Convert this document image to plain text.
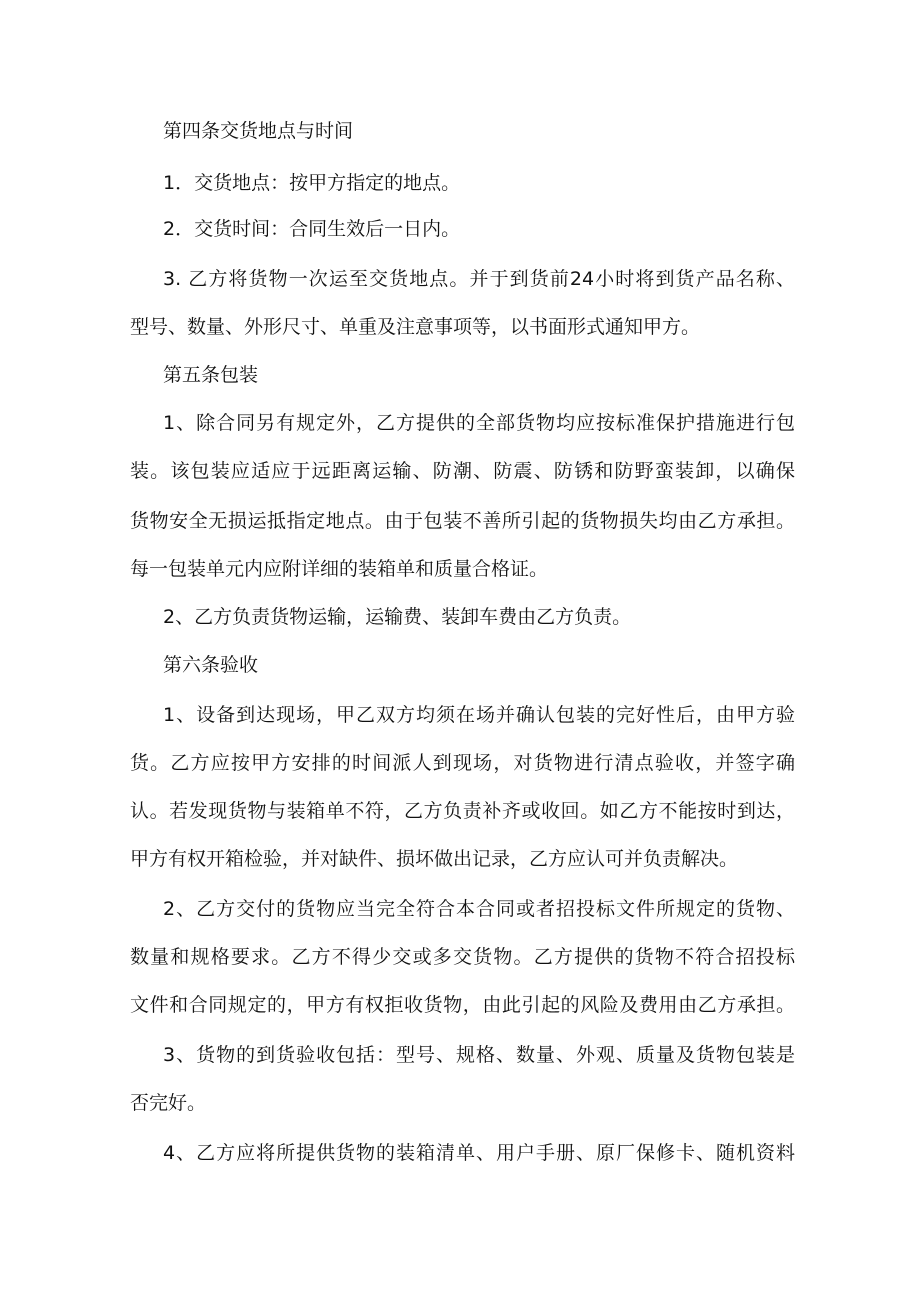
第四条交货地点与时间

1．交货地点：按甲方指定的地点。

2．交货时间：合同生效后一日内。

3. 乙方将货物一次运至交货地点。并于到货前24小时将到货产品名称、

型号、数量、外形尺寸、单重及注意事项等，以书面形式通知甲方。

第五条包装

1、除合同另有规定外，乙方提供的全部货物均应按标准保护措施进行包

装。该包装应适应于远距离运输、防潮、防震、防锈和防野蛮装卸，以确保

货物安全无损运抵指定地点。由于包装不善所引起的货物损失均由乙方承担。

每一包装单元内应附详细的装箱单和质量合格证。

2、乙方负责货物运输，运输费、装卸车费由乙方负责。

第六条验收

1、设备到达现场，甲乙双方均须在场并确认包装的完好性后，由甲方验

货。乙方应按甲方安排的时间派人到现场，对货物进行清点验收，并签字确

认。若发现货物与装箱单不符，乙方负责补齐或收回。如乙方不能按时到达，

甲方有权开箱检验，并对缺件、损坏做出记录，乙方应认可并负责解决。

2、乙方交付的货物应当完全符合本合同或者招投标文件所规定的货物、

数量和规格要求。乙方不得少交或多交货物。乙方提供的货物不符合招投标

文件和合同规定的，甲方有权拒收货物，由此引起的风险及费用由乙方承担。

3、货物的到货验收包括：型号、规格、数量、外观、质量及货物包装是

否完好。

4、乙方应将所提供货物的装箱清单、用户手册、原厂保修卡、随机资料
